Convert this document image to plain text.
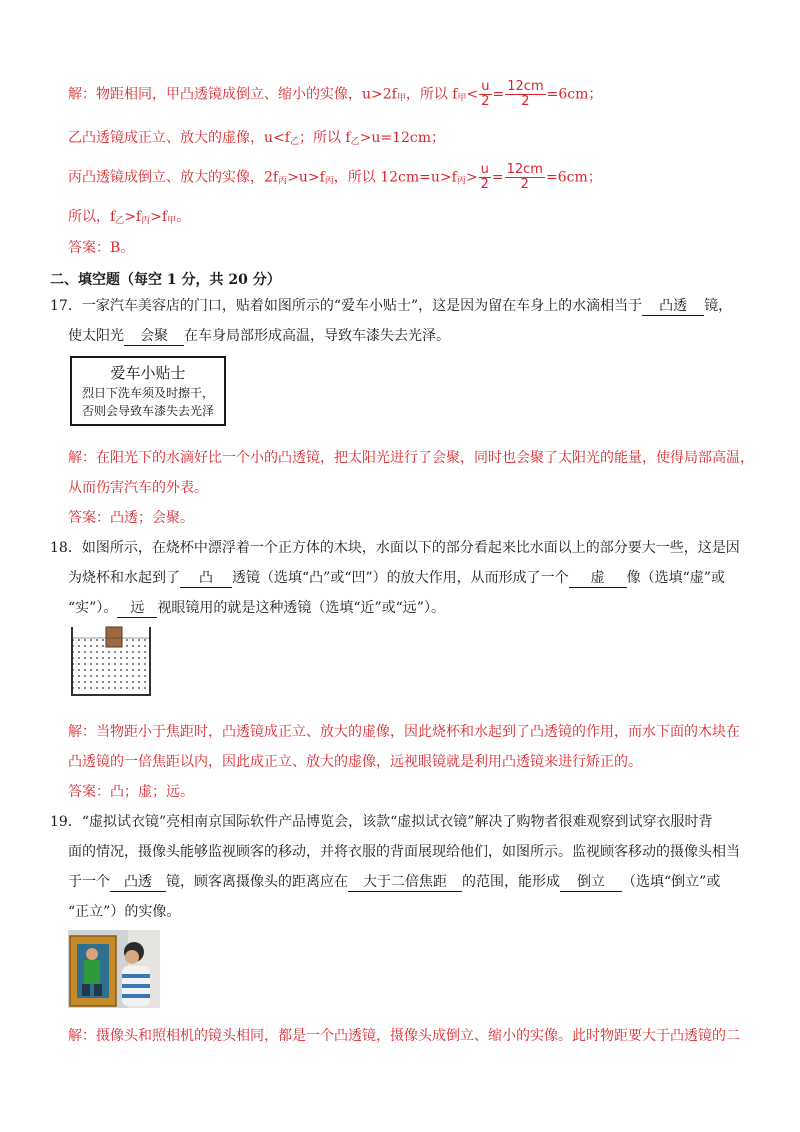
解：物距相同，甲凸透镜成倒立、缩小的实像，$u>2f_甲$，所以 $f_甲< \frac{u}{2} = \frac{12cm}{2} =6cm$；
乙凸透镜成正立、放大的虚像，$u<f_乙$；所以 $f_乙>u=12cm$；
丙凸透镜成倒立、放大的实像，$2f_丙>u>f_丙$，所以 $12cm=u>f_丙> \frac{u}{2} = \frac{12cm}{2} =6cm$；
所以，$f_乙>f_丙>f_甲$。
答案：B。
二、填空题（每空 1 分，共 20 分）
17．一家汽车美容店的门口，贴着如图所示的“爱车小贴士”，这是因为留在车身上的水滴相当于 凸透 镜，
使太阳光 会聚 在车身局部形成高温，导致车漆失去光泽。
爱车小贴士
烈日下洗车须及时擦干，
否则会导致车漆失去光泽
解：在阳光下的水滴好比一个小的凸透镜，把太阳光进行了会聚，同时也会聚了太阳光的能量，使得局部高温，
从而伤害汽车的外表。
答案：凸透；会聚。
18．如图所示，在烧杯中漂浮着一个正方体的木块，水面以下的部分看起来比水面以上的部分要大一些，这是因
为烧杯和水起到了 凸 透镜（选填“凸”或“凹”）的放大作用，从而形成了一个 虚 像（选填“虚”或
“实”）。 远 视眼镜用的就是这种透镜（选填“近”或“远”）。
解：当物距小于焦距时，凸透镜成正立、放大的虚像，因此烧杯和水起到了凸透镜的作用，而水下面的木块在
凸透镜的一倍焦距以内，因此成正立、放大的虚像，远视眼镜就是利用凸透镜来进行矫正的。
答案：凸；虚；远。
19．“虚拟试衣镜”亮相南京国际软件产品博览会，该款“虚拟试衣镜”解决了购物者很难观察到试穿衣服时背
面的情况，摄像头能够监视顾客的移动，并将衣服的背面展现给他们，如图所示。监视顾客移动的摄像头相当
于一个 凸透 镜，顾客离摄像头的距离应在 大于二倍焦距 的范围，能形成 倒立 （选填“倒立”或
“正立”）的实像。
解：摄像头和照相机的镜头相同，都是一个凸透镜，摄像头成倒立、缩小的实像。此时物距要大于凸透镜的二
